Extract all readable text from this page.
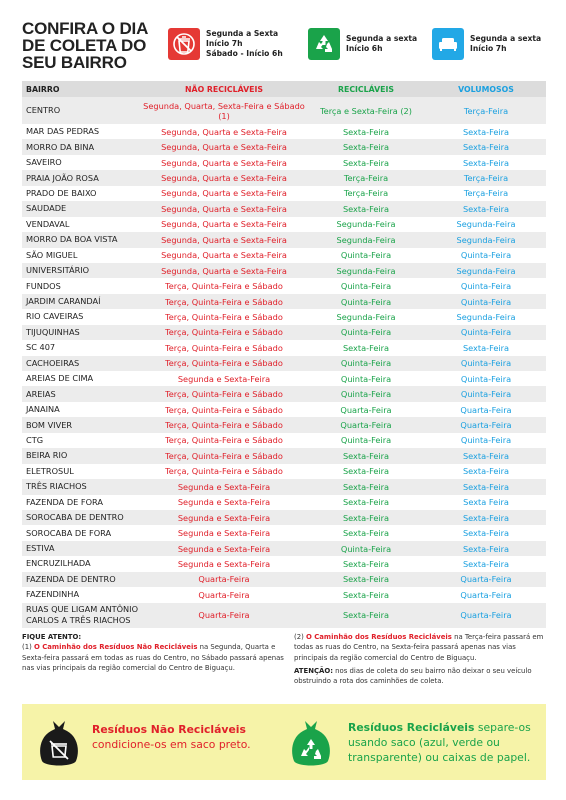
CONFIRA O DIA
DE COLETA DO
SEU BAIRRO
Segunda a Sexta
Início 7h
Sábado - Início 6h
Segunda a sexta
Início 6h
Segunda a sexta
Início 7h
BAIRRO	NÃO RECICLÁVEIS	RECICLÁVEIS	VOLUMOSOS
CENTRO	Segunda, Quarta, Sexta-Feira e Sábado (1)	Terça e Sexta-Feira (2)	Terça-Feira
MAR DAS PEDRAS	Segunda, Quarta e Sexta-Feira	Sexta-Feira	Sexta-Feira
MORRO DA BINA	Segunda, Quarta e Sexta-Feira	Sexta-Feira	Sexta-Feira
SAVEIRO	Segunda, Quarta e Sexta-Feira	Sexta-Feira	Sexta-Feira
PRAIA JOÃO ROSA	Segunda, Quarta e Sexta-Feira	Terça-Feira	Terça-Feira
PRADO DE BAIXO	Segunda, Quarta e Sexta-Feira	Terça-Feira	Terça-Feira
SAUDADE	Segunda, Quarta e Sexta-Feira	Sexta-Feira	Sexta-Feira
VENDAVAL	Segunda, Quarta e Sexta-Feira	Segunda-Feira	Segunda-Feira
MORRO DA BOA VISTA	Segunda, Quarta e Sexta-Feira	Segunda-Feira	Segunda-Feira
SÃO MIGUEL	Segunda, Quarta e Sexta-Feira	Quinta-Feira	Quinta-Feira
UNIVERSITÁRIO	Segunda, Quarta e Sexta-Feira	Segunda-Feira	Segunda-Feira
FUNDOS	Terça, Quinta-Feira e Sábado	Quinta-Feira	Quinta-Feira
JARDIM CARANDAÍ	Terça, Quinta-Feira e Sábado	Quinta-Feira	Quinta-Feira
RIO CAVEIRAS	Terça, Quinta-Feira e Sábado	Segunda-Feira	Segunda-Feira
TIJUQUINHAS	Terça, Quinta-Feira e Sábado	Quinta-Feira	Quinta-Feira
SC 407	Terça, Quinta-Feira e Sábado	Sexta-Feira	Sexta-Feira
CACHOEIRAS	Terça, Quinta-Feira e Sábado	Quinta-Feira	Quinta-Feira
AREIAS DE CIMA	Segunda e Sexta-Feira	Quinta-Feira	Quinta-Feira
AREIAS	Terça, Quinta-Feira e Sábado	Quinta-Feira	Quinta-Feira
JANAINA	Terça, Quinta-Feira e Sábado	Quarta-Feira	Quarta-Feira
BOM VIVER	Terça, Quinta-Feira e Sábado	Quarta-Feira	Quarta-Feira
CTG	Terça, Quinta-Feira e Sábado	Quinta-Feira	Quinta-Feira
BEIRA RIO	Terça, Quinta-Feira e Sábado	Sexta-Feira	Sexta-Feira
ELETROSUL	Terça, Quinta-Feira e Sábado	Sexta-Feira	Sexta-Feira
TRÊS RIACHOS	Segunda e Sexta-Feira	Sexta-Feira	Sexta-Feira
FAZENDA DE FORA	Segunda e Sexta-Feira	Sexta-Feira	Sexta Feira
SOROCABA DE DENTRO	Segunda e Sexta-Feira	Sexta-Feira	Sexta-Feira
SOROCABA DE FORA	Segunda e Sexta-Feira	Sexta-Feira	Sexta-Feira
ESTIVA	Segunda e Sexta-Feira	Quinta-Feira	Sexta-Feira
ENCRUZILHADA	Segunda e Sexta-Feira	Sexta-Feira	Sexta-Feira
FAZENDA DE DENTRO	Quarta-Feira	Sexta-Feira	Quarta-Feira
FAZENDINHA	Quarta-Feira	Sexta-Feira	Quarta-Feira
RUAS QUE LIGAM ANTÔNIO CARLOS A TRÊS RIACHOS	Quarta-Feira	Sexta-Feira	Quarta-Feira
FIQUE ATENTO:
(1) O Caminhão dos Resíduos Não Recicláveis na Segunda, Quarta e Sexta-feira passará em todas as ruas do Centro, no Sábado passará apenas nas vias principais da região comercial do Centro de Biguaçu.
(2) O Caminhão dos Resíduos Recicláveis na Terça-feira passará em todas as ruas do Centro, na Sexta-feira passará apenas nas vias principais da região comercial do Centro de Biguaçu.
ATENÇÃO: nos dias de coleta do seu bairro não deixar o seu veículo obstruindo a rota dos caminhões de coleta.
Resíduos Não Recicláveis
condicione-os em saco preto.
Resíduos Recicláveis separe-os usando saco (azul, verde ou transparente) ou caixas de papel.
